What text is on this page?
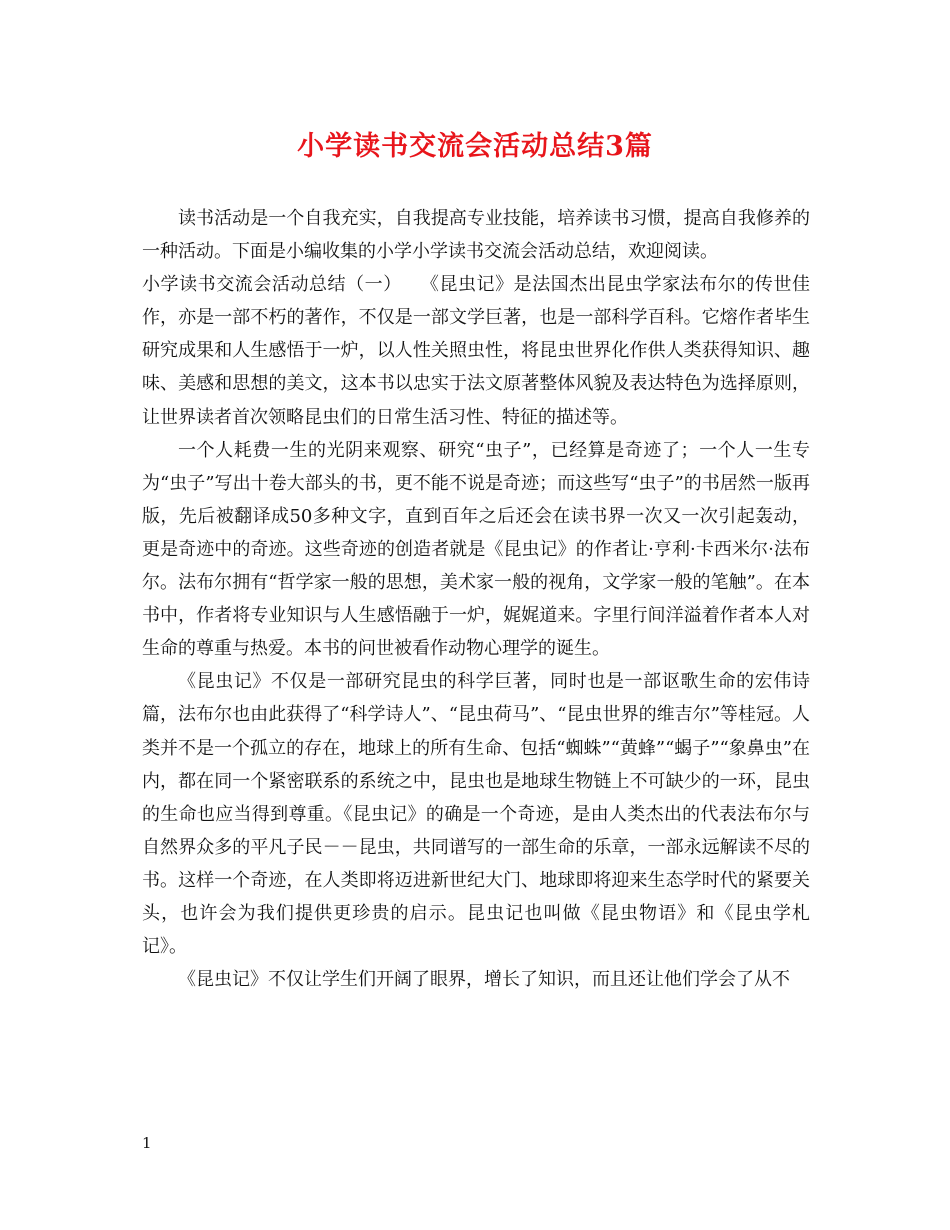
小学读书交流会活动总结3篇

读书活动是一个自我充实，自我提高专业技能，培养读书习惯，提高自我修养的一种活动。下面是小编收集的小学小学读书交流会活动总结，欢迎阅读。

小学读书交流会活动总结（一）　　《昆虫记》是法国杰出昆虫学家法布尔的传世佳作，亦是一部不朽的著作，不仅是一部文学巨著，也是一部科学百科。它熔作者毕生研究成果和人生感悟于一炉，以人性关照虫性，将昆虫世界化作供人类获得知识、趣味、美感和思想的美文，这本书以忠实于法文原著整体风貌及表达特色为选择原则，让世界读者首次领略昆虫们的日常生活习性、特征的描述等。

一个人耗费一生的光阴来观察、研究“虫子”，已经算是奇迹了；一个人一生专为“虫子”写出十卷大部头的书，更不能不说是奇迹；而这些写“虫子”的书居然一版再版，先后被翻译成50多种文字，直到百年之后还会在读书界一次又一次引起轰动，更是奇迹中的奇迹。这些奇迹的创造者就是《昆虫记》的作者让·亨利·卡西米尔·法布尔。法布尔拥有“哲学家一般的思想，美术家一般的视角，文学家一般的笔触”。在本书中，作者将专业知识与人生感悟融于一炉，娓娓道来。字里行间洋溢着作者本人对生命的尊重与热爱。本书的问世被看作动物心理学的诞生。

《昆虫记》不仅是一部研究昆虫的科学巨著，同时也是一部讴歌生命的宏伟诗篇，法布尔也由此获得了“科学诗人”、“昆虫荷马”、“昆虫世界的维吉尔”等桂冠。人类并不是一个孤立的存在，地球上的所有生命、包括“蜘蛛”“黄蜂”“蝎子”“象鼻虫”在内，都在同一个紧密联系的系统之中，昆虫也是地球生物链上不可缺少的一环，昆虫的生命也应当得到尊重。《昆虫记》的确是一个奇迹，是由人类杰出的代表法布尔与自然界众多的平凡子民－－昆虫，共同谱写的一部生命的乐章，一部永远解读不尽的书。这样一个奇迹，在人类即将迈进新世纪大门、地球即将迎来生态学时代的紧要关头，也许会为我们提供更珍贵的启示。昆虫记也叫做《昆虫物语》和《昆虫学札记》。

《昆虫记》不仅让学生们开阔了眼界，增长了知识，而且还让他们学会了从不

1
